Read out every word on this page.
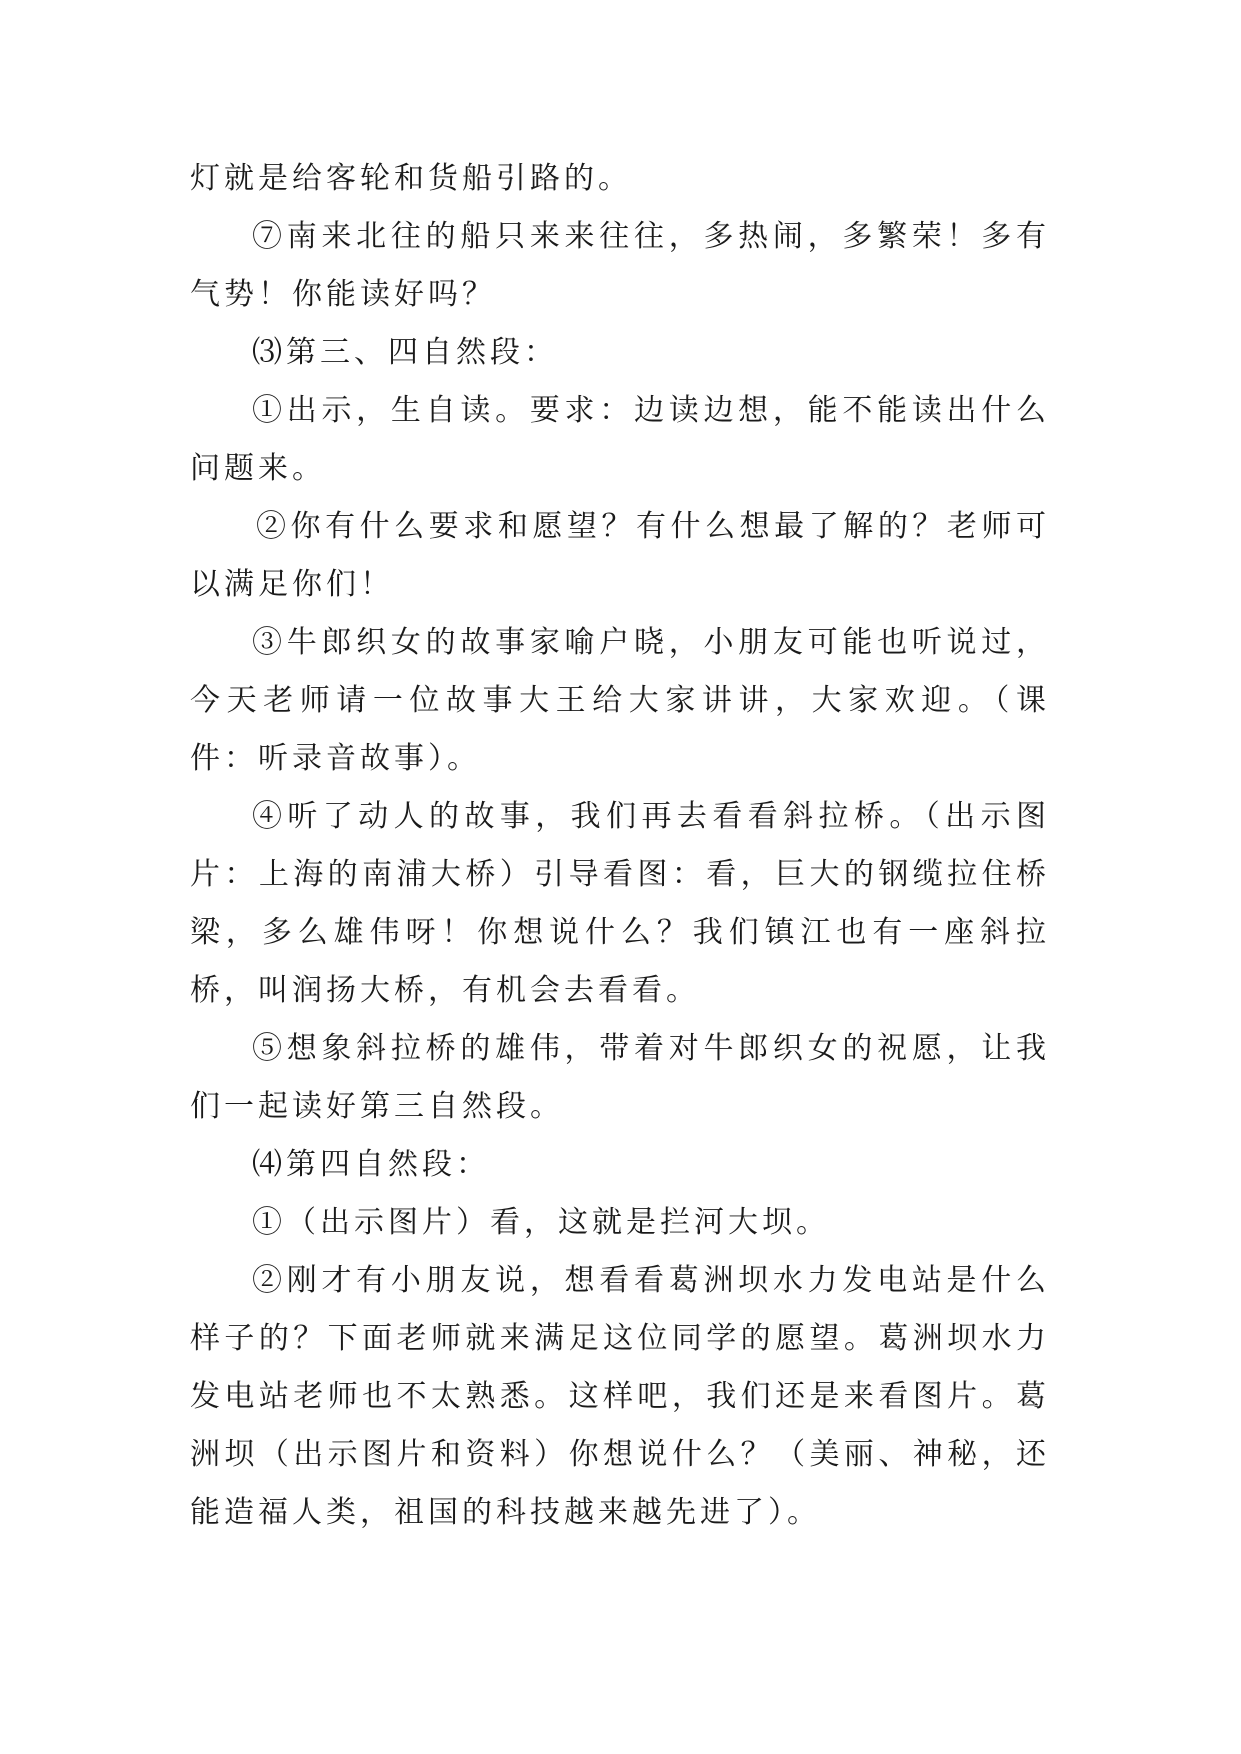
灯就是给客轮和货船引路的。

⑦南来北往的船只来来往往，多热闹，多繁荣！多有气势！你能读好吗？

⑶第三、四自然段：

①出示，生自读。要求：边读边想，能不能读出什么问题来。

②你有什么要求和愿望？有什么想最了解的？老师可以满足你们！

③牛郎织女的故事家喻户晓，小朋友可能也听说过，今天老师请一位故事大王给大家讲讲，大家欢迎。（课件：听录音故事）。

④听了动人的故事，我们再去看看斜拉桥。（出示图片：上海的南浦大桥）引导看图：看，巨大的钢缆拉住桥梁，多么雄伟呀！你想说什么？我们镇江也有一座斜拉桥，叫润扬大桥，有机会去看看。

⑤想象斜拉桥的雄伟，带着对牛郎织女的祝愿，让我们一起读好第三自然段。

⑷第四自然段：

①（出示图片）看，这就是拦河大坝。

②刚才有小朋友说，想看看葛洲坝水力发电站是什么样子的？下面老师就来满足这位同学的愿望。葛洲坝水力发电站老师也不太熟悉。这样吧，我们还是来看图片。葛洲坝（出示图片和资料）你想说什么？（美丽、神秘，还能造福人类，祖国的科技越来越先进了）。
